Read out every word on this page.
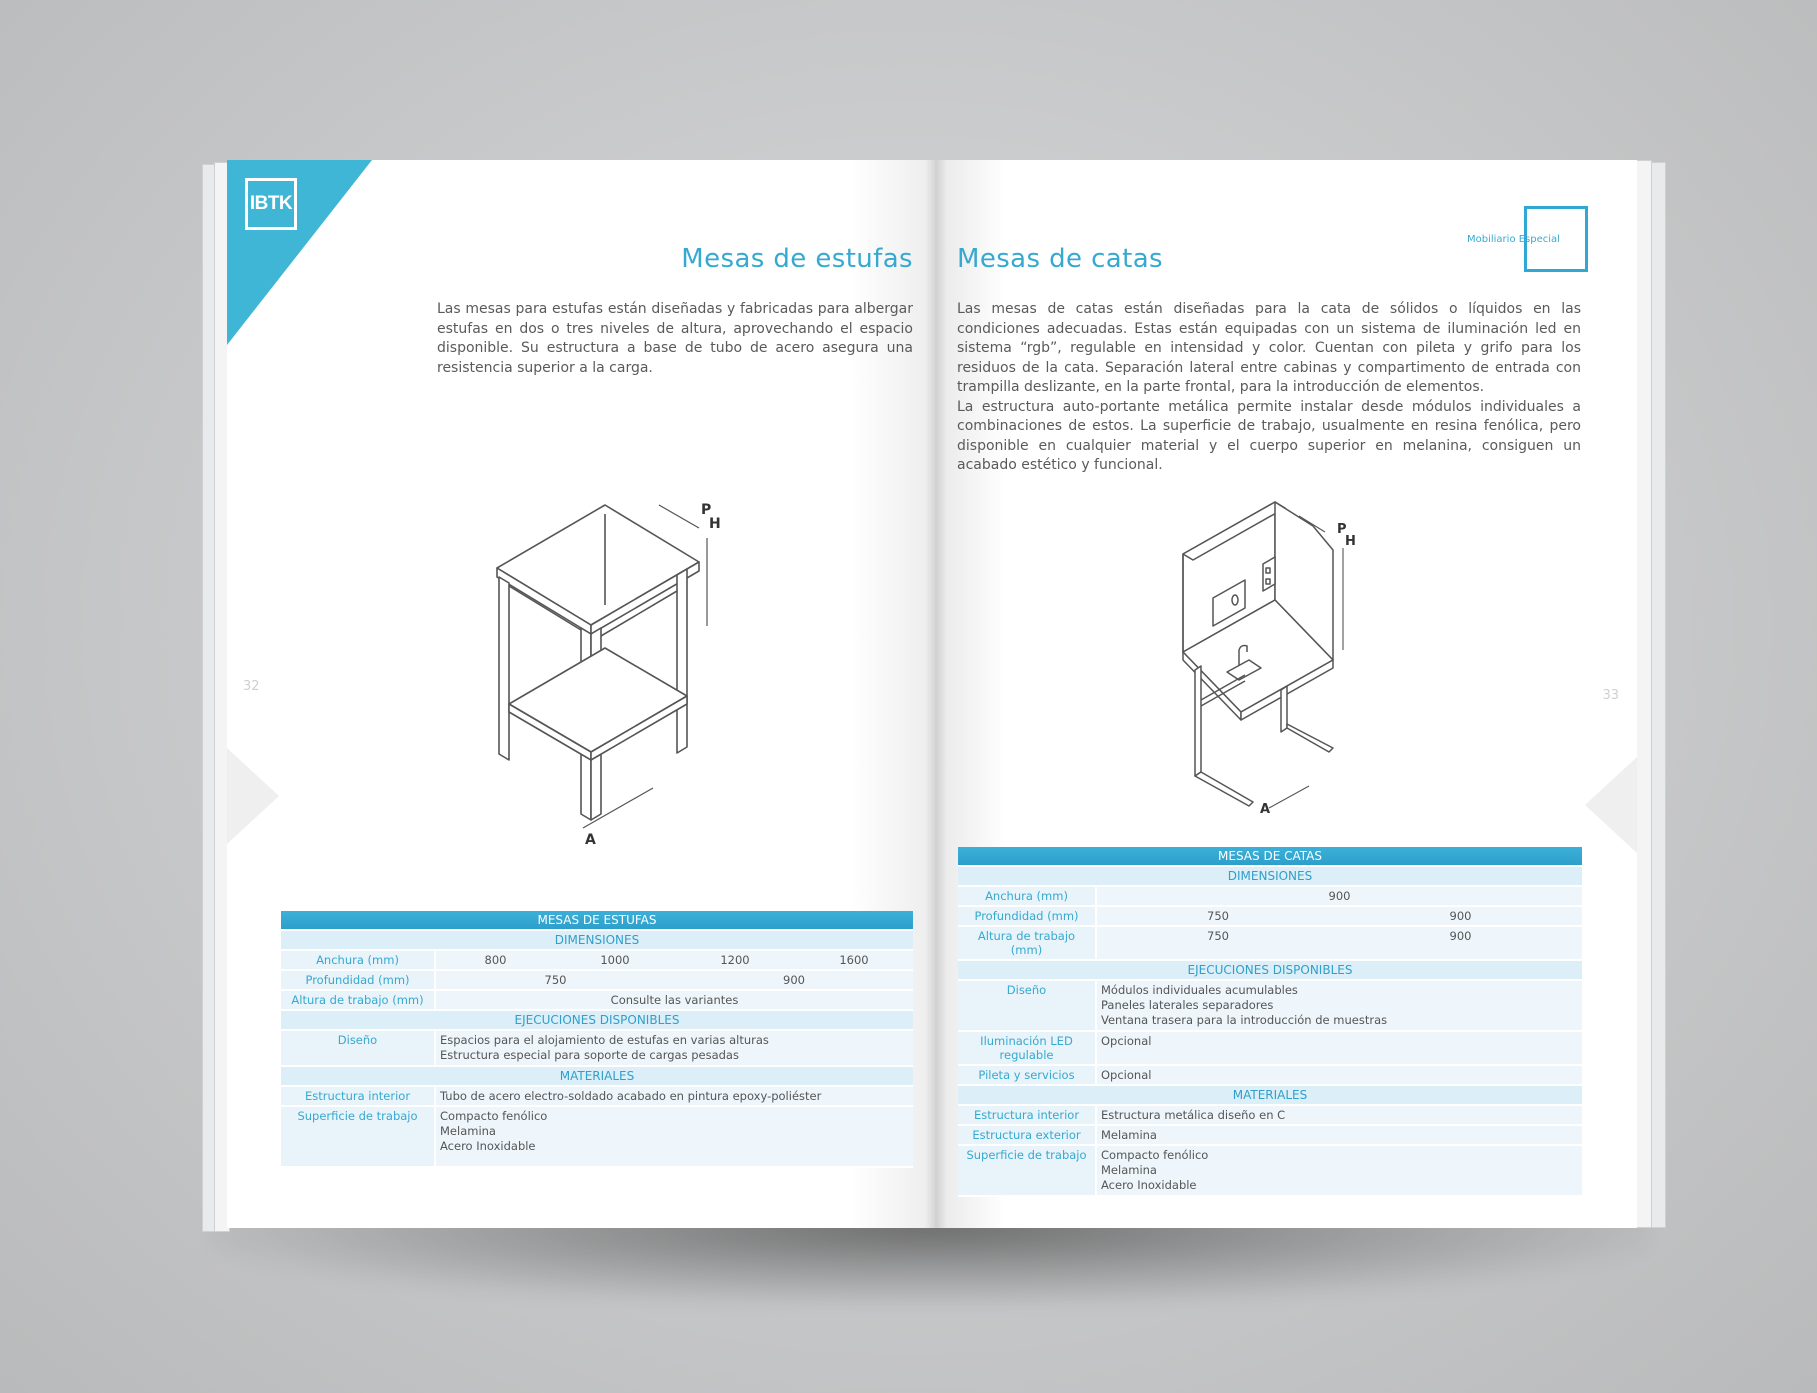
IBTK
Mesas de estufas

Las mesas para estufas están diseñadas y fabricadas para albergar estufas en dos o tres niveles de altura, aprovechando el espacio disponible. Su estructura a base de tubo de acero asegura una resistencia superior a la carga.

32
P
H
A
MESAS DE ESTUFAS				
DIMENSIONES				
Anchura (mm)	800	1000	1200	1600
Profundidad (mm)	750		900	
Altura de trabajo (mm)	Consulte las variantes			
EJECUCIONES DISPONIBLES				
Diseño	Espacios para el alojamiento de estufas en varias alturas
Estructura especial para soporte de cargas pesadas			

MATERIALES				
Estructura interior	Tubo de acero electro-soldado acabado en pintura epoxy-poliéster			
Superficie de trabajo	Compacto fenólico
Melamina
Acero Inoxidable			
Mobiliario Especial
Mesas de catas

Las mesas de catas están diseñadas para la cata de sólidos o líquidos en las condiciones adecuadas. Estas están equipadas con un sistema de iluminación led en sistema “rgb”, regulable en intensidad y color. Cuentan con pileta y grifo para los residuos de la cata. Separación lateral entre cabinas y compartimento de entrada con trampilla deslizante, en la parte frontal, para la introducción de elementos.

La estructura auto-portante metálica permite instalar desde módulos individuales a combinaciones de estos. La superficie de trabajo, usualmente en resina fenólica, pero disponible en cualquier material y el cuerpo superior en melanina, consiguen un acabado estético y funcional.

33
P
H
A
MESAS DE CATAS		
DIMENSIONES		
Anchura (mm)	900	
Profundidad (mm)	750	900
Altura de trabajo (mm)	750	900
EJECUCIONES DISPONIBLES		
Diseño	Módulos individuales acumulables
Paneles laterales separadores
Ventana trasera para la introducción de muestras	

Iluminación LED regulable	Opcional	
Pileta y servicios	Opcional	
MATERIALES		
Estructura interior	Estructura metálica diseño en C	
Estructura exterior	Melamina	
Superficie de trabajo	Compacto fenólico
Melamina
Acero Inoxidable	
